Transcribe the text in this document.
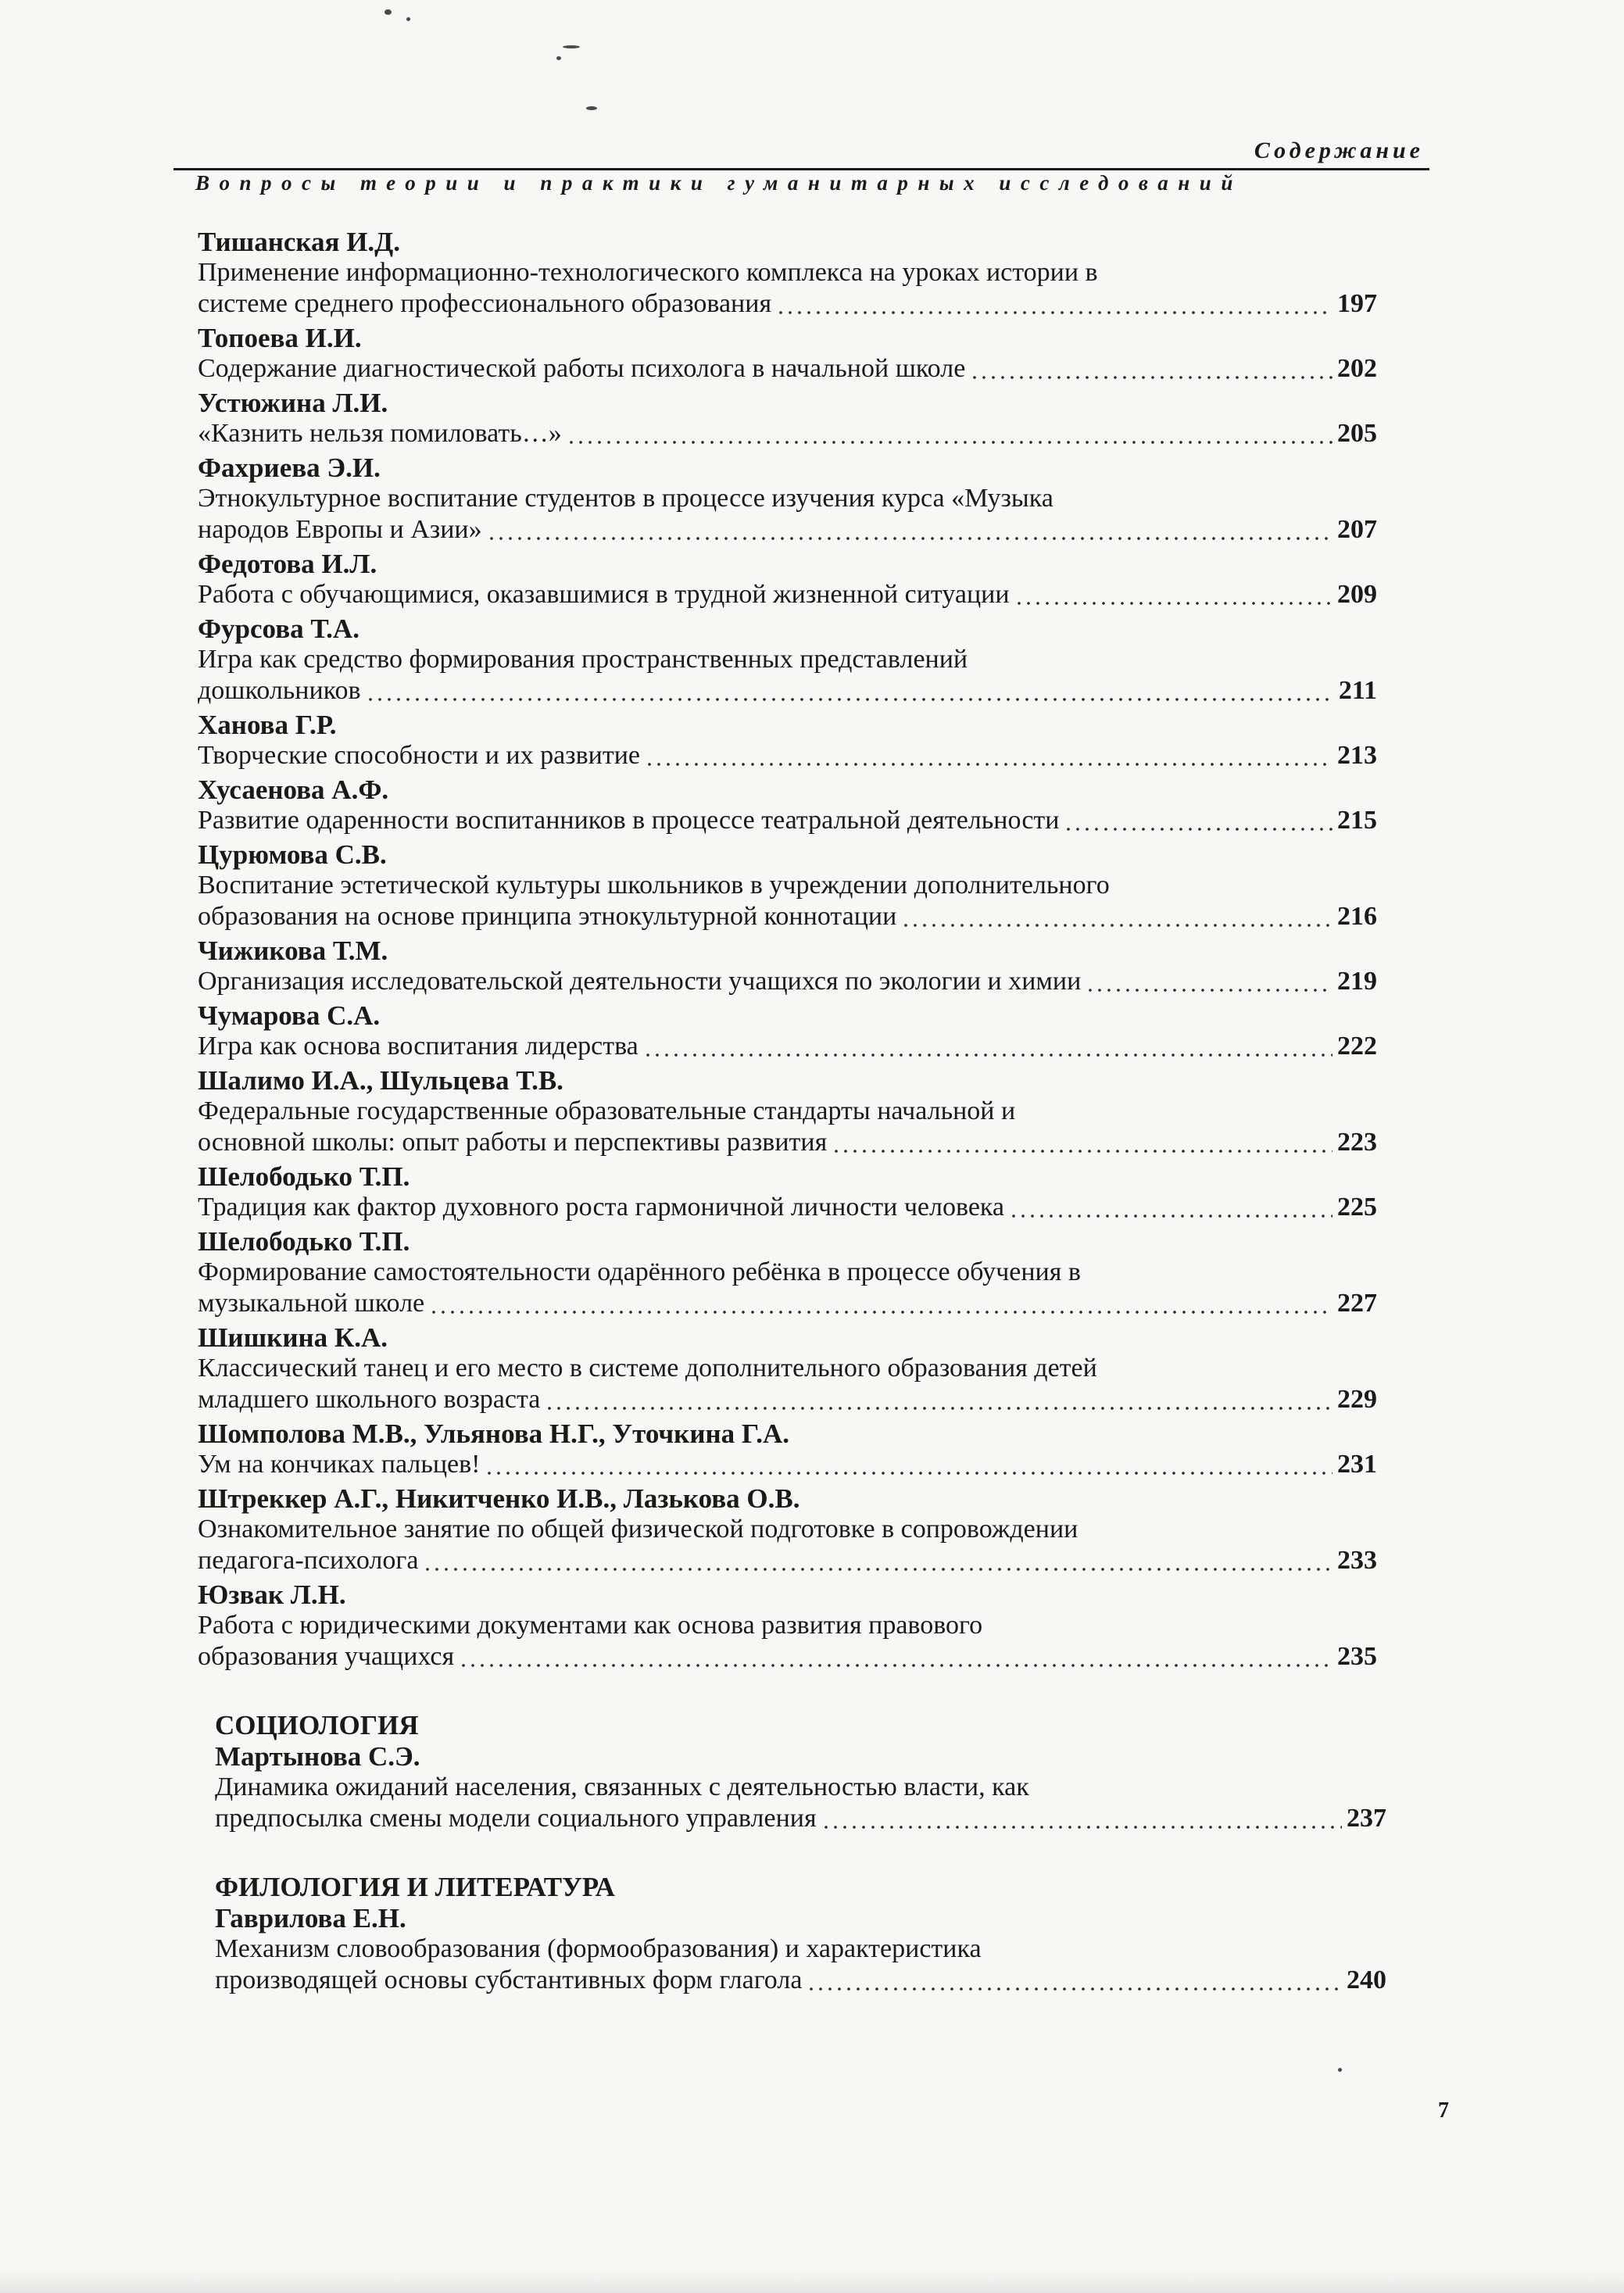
Содержание
Вопросы теории и практики гуманитарных исследований
Тишанская И.Д.
Применение информационно-технологического комплекса на уроках истории в
системе среднего профессионального образования	197
Топоева И.И.
Содержание диагностической работы психолога в начальной школе	202
Устюжина Л.И.
«Казнить нельзя помиловать…»	205
Фахриева Э.И.
Этнокультурное воспитание студентов в процессе изучения курса «Музыка
народов Европы и Азии»	207
Федотова И.Л.
Работа с обучающимися, оказавшимися в трудной жизненной ситуации	209
Фурсова Т.А.
Игра как средство формирования пространственных представлений
дошкольников	211
Ханова Г.Р.
Творческие способности и их развитие	213
Хусаенова А.Ф.
Развитие одаренности воспитанников в процессе театральной деятельности	215
Цурюмова С.В.
Воспитание эстетической культуры школьников в учреждении дополнительного
образования на основе принципа этнокультурной коннотации	216
Чижикова Т.М.
Организация исследовательской деятельности учащихся по экологии и химии	219
Чумарова С.А.
Игра как основа воспитания лидерства	222
Шалимо И.А., Шульцева Т.В.
Федеральные государственные образовательные стандарты начальной и
основной школы: опыт работы и перспективы развития	223
Шелободько Т.П.
Традиция как фактор духовного роста гармоничной личности человека	225
Шелободько Т.П.
Формирование самостоятельности одарённого ребёнка в процессе обучения в
музыкальной школе	227
Шишкина К.А.
Классический танец и его место в системе дополнительного образования детей
младшего школьного возраста	229
Шомполова М.В., Ульянова Н.Г., Уточкина Г.А.
Ум на кончиках пальцев!	231
Штреккер А.Г., Никитченко И.В., Лазькова О.В.
Ознакомительное занятие по общей физической подготовке в сопровождении
педагога-психолога	233
Юзвак Л.Н.
Работа с юридическими документами как основа развития правового
образования учащихся	235
СОЦИОЛОГИЯ
Мартынова С.Э.
Динамика ожиданий населения, связанных с деятельностью власти, как
предпосылка смены модели социального управления	237
ФИЛОЛОГИЯ И ЛИТЕРАТУРА
Гаврилова Е.Н.
Механизм словообразования (формообразования) и характеристика
производящей основы субстантивных форм глагола	240
7
